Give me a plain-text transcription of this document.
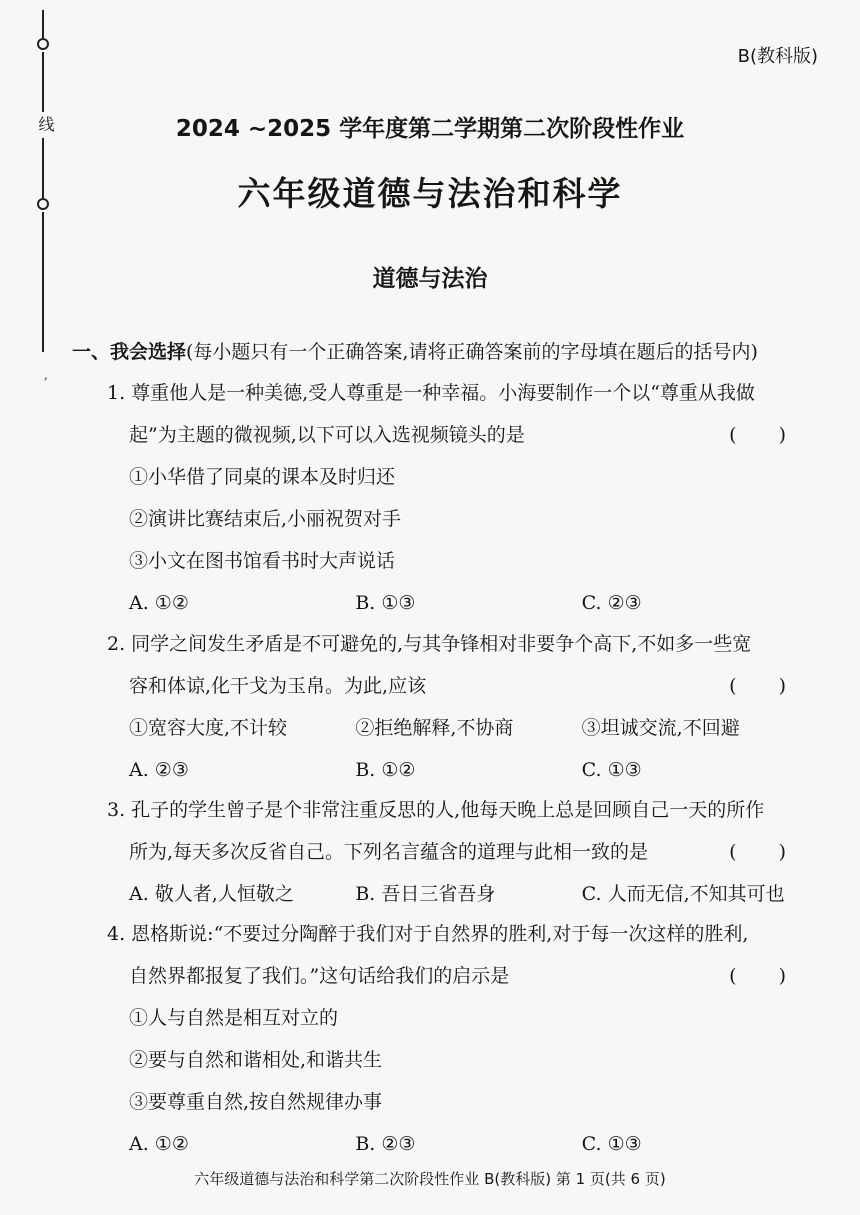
线
,
B(教科版)
2024 ~2025 学年度第二学期第二次阶段性作业
六年级道德与法治和科学
道德与法治
一、我会选择(每小题只有一个正确答案,请将正确答案前的字母填在题后的括号内)

1. 尊重他人是一种美德,受人尊重是一种幸福。小海要制作一个以“尊重从我做

起”为主题的微视频,以下可以入选视频镜头的是	( )

①小华借了同桌的课本及时归还

②演讲比赛结束后,小丽祝贺对手

③小文在图书馆看书时大声说话

A. ①②	B. ①③	C. ②③

2. 同学之间发生矛盾是不可避免的,与其争锋相对非要争个高下,不如多一些宽

容和体谅,化干戈为玉帛。为此,应该	( )

①宽容大度,不计较	②拒绝解释,不协商	③坦诚交流,不回避

A. ②③	B. ①②	C. ①③

3. 孔子的学生曾子是个非常注重反思的人,他每天晚上总是回顾自己一天的所作

所为,每天多次反省自己。下列名言蕴含的道理与此相一致的是	( )

A. 敬人者,人恒敬之	B. 吾日三省吾身	C. 人而无信,不知其可也

4. 恩格斯说:“不要过分陶醉于我们对于自然界的胜利,对于每一次这样的胜利,

自然界都报复了我们。”这句话给我们的启示是	( )

①人与自然是相互对立的

②要与自然和谐相处,和谐共生

③要尊重自然,按自然规律办事

A. ①②	B. ②③	C. ①③

六年级道德与法治和科学第二次阶段性作业 B(教科版) 第 1 页(共 6 页)
